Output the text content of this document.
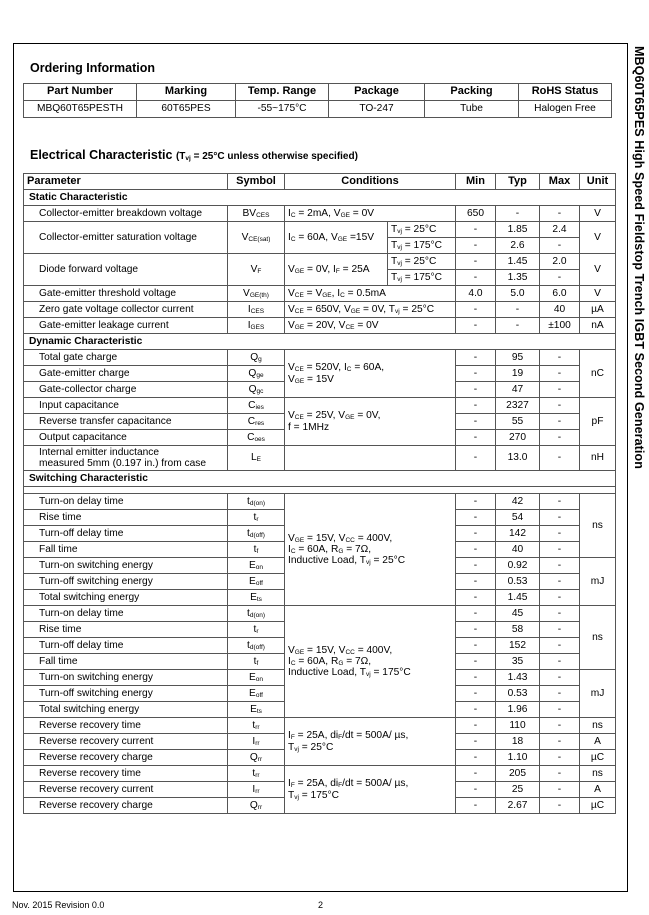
MBQ60T65PES High Speed Fieldstop Trench IGBT Second Generation
Ordering Information
Part Number	Marking	Temp. Range	Package	Packing	RoHS Status
MBQ60T65PESTH	60T65PES	-55~175°C	TO-247	Tube	Halogen Free
Electrical Characteristic ($T_{vj} = 25^\circ C$ unless otherwise specified)
Parameter	Symbol	Conditions		Min	Typ	Max	Unit
Static Characteristic							
Collector-emitter breakdown voltage	$BV_{CES}$	$I_C = 2mA$, $V_{GE} = 0V$		650	-	-	V
Collector-emitter saturation voltage	$V_{CE(sat)}$	$I_C = 60A$, $V_{GE} =15V$	$T_{vj} = 25^\circ C$	-	1.85	2.4	V
			$T_{vj} = 175^\circ C$	-	2.6	-	
Diode forward voltage	$V_F$	$V_{GE} = 0V$, $I_F = 25A$	$T_{vj} = 25^\circ C$	-	1.45	2.0	V
			$T_{vj} = 175^\circ C$	-	1.35	-	
Gate-emitter threshold voltage	$V_{GE(th)}$	$V_{CE} = V_{GE}$, $I_C = 0.5mA$		4.0	5.0	6.0	V
Zero gate voltage collector current	$I_{CES}$	$V_{CE} = 650V$, $V_{GE} = 0V$, $T_{vj} = 25^\circ C$		-	-	40	µA
Gate-emitter leakage current	$I_{GES}$	$V_{GE} = 20V$, $V_{CE} = 0V$		-	-	±100	nA
Dynamic Characteristic							
Total gate charge	$Q_g$	$V_{CE} = 520V$, $I_C = 60A$,
$V_{GE} = 15V$		-	95	-	nC
Gate-emitter charge	$Q_{ge}$			-	19	-	
Gate-collector charge	$Q_{gc}$			-	47	-	
Input capacitance	$C_{ies}$	$V_{CE} = 25V$, $V_{GE} = 0V$,
f = 1MHz		-	2327	-	pF
Reverse transfer capacitance	$C_{res}$			-	55	-	
Output capacitance	$C_{oes}$			-	270	-	
Internal emitter inductance
measured 5mm (0.197 in.) from case	$L_E$			-	13.0	-	nH
Switching Characteristic							

Turn-on delay time	$t_{d(on)}$	$V_{GE} = 15V$, $V_{CC} = 400V$,
$I_C = 60A$, $R_G = 7\Omega$,
Inductive Load, $T_{vj} = 25^\circ C$		-	42	-	ns
Rise time	$t_r$			-	54	-	
Turn-off delay time	$t_{d(off)}$			-	142	-	
Fall time	$t_f$			-	40	-	
Turn-on switching energy	$E_{on}$			-	0.92	-	mJ
Turn-off switching energy	$E_{off}$			-	0.53	-	
Total switching energy	$E_{ts}$			-	1.45	-	
Turn-on delay time	$t_{d(on)}$	$V_{GE} = 15V$, $V_{CC} = 400V$,
$I_C = 60A$, $R_G = 7\Omega$,
Inductive Load, $T_{vj} = 175^\circ C$		-	45	-	ns
Rise time	$t_r$			-	58	-	
Turn-off delay time	$t_{d(off)}$			-	152	-	
Fall time	$t_f$			-	35	-	
Turn-on switching energy	$E_{on}$			-	1.43	-	mJ
Turn-off switching energy	$E_{off}$			-	0.53	-	
Total switching energy	$E_{ts}$			-	1.96	-	
Reverse recovery time	$t_{rr}$	$I_F = 25A$, $di_F/dt = 500A/$ µs,
$T_{vj} = 25^\circ C$		-	110	-	ns
Reverse recovery current	$I_{rr}$			-	18	-	A
Reverse recovery charge	$Q_{rr}$			-	1.10	-	µC
Reverse recovery time	$t_{rr}$	$I_F = 25A$, $di_F/dt = 500A/$ µs,
$T_{vj} = 175^\circ C$		-	205	-	ns
Reverse recovery current	$I_{rr}$			-	25	-	A
Reverse recovery charge	$Q_{rr}$			-	2.67	-	µC
Nov. 2015 Revision 0.0	2
